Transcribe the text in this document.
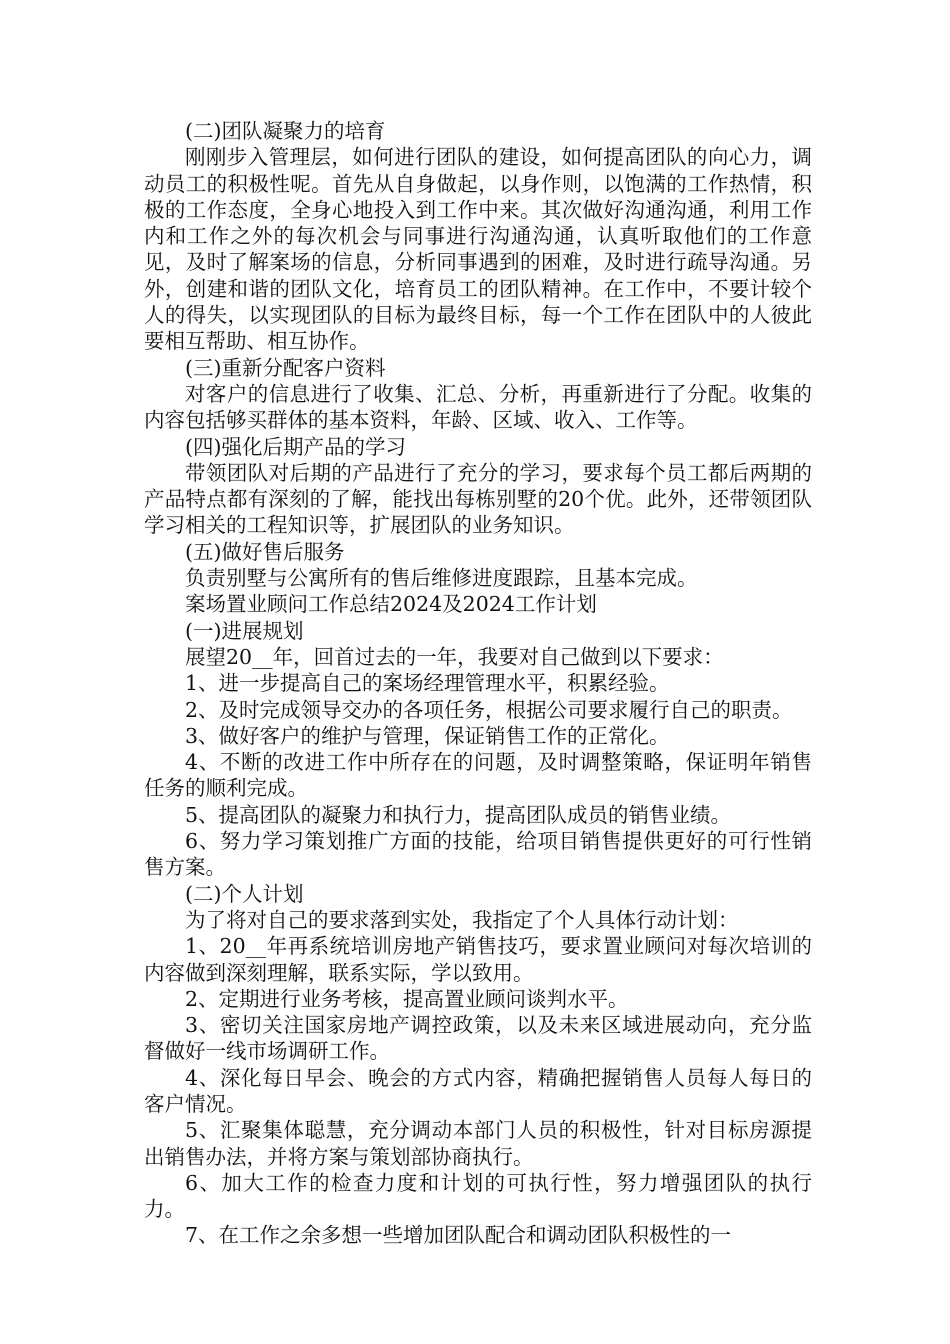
(二)团队凝聚力的培育

刚刚步入管理层，如何进行团队的建设，如何提高团队的向心力，调动员工的积极性呢。首先从自身做起，以身作则，以饱满的工作热情，积极的工作态度，全身心地投入到工作中来。其次做好沟通沟通，利用工作内和工作之外的每次机会与同事进行沟通沟通，认真听取他们的工作意见，及时了解案场的信息，分析同事遇到的困难，及时进行疏导沟通。另外，创建和谐的团队文化，培育员工的团队精神。在工作中，不要计较个人的得失，以实现团队的目标为最终目标，每一个工作在团队中的人彼此要相互帮助、相互协作。

(三)重新分配客户资料

对客户的信息进行了收集、汇总、分析，再重新进行了分配。收集的内容包括够买群体的基本资料，年龄、区域、收入、工作等。

(四)强化后期产品的学习

带领团队对后期的产品进行了充分的学习，要求每个员工都后两期的产品特点都有深刻的了解，能找出每栋别墅的20个优。此外，还带领团队学习相关的工程知识等，扩展团队的业务知识。

(五)做好售后服务

负责别墅与公寓所有的售后维修进度跟踪，且基本完成。

案场置业顾问工作总结2024及2024工作计划

(一)进展规划

展望20__年，回首过去的一年，我要对自己做到以下要求：

1、进一步提高自己的案场经理管理水平，积累经验。

2、及时完成领导交办的各项任务，根据公司要求履行自己的职责。

3、做好客户的维护与管理，保证销售工作的正常化。

4、不断的改进工作中所存在的问题，及时调整策略，保证明年销售任务的顺利完成。

5、提高团队的凝聚力和执行力，提高团队成员的销售业绩。

6、努力学习策划推广方面的技能，给项目销售提供更好的可行性销售方案。

(二)个人计划

为了将对自己的要求落到实处，我指定了个人具体行动计划：

1、20__年再系统培训房地产销售技巧，要求置业顾问对每次培训的内容做到深刻理解，联系实际，学以致用。

2、定期进行业务考核，提高置业顾问谈判水平。

3、密切关注国家房地产调控政策，以及未来区域进展动向，充分监督做好一线市场调研工作。

4、深化每日早会、晚会的方式内容，精确把握销售人员每人每日的客户情况。

5、汇聚集体聪慧，充分调动本部门人员的积极性，针对目标房源提出销售办法，并将方案与策划部协商执行。

6、加大工作的检查力度和计划的可执行性，努力增强团队的执行力。

7、在工作之余多想一些增加团队配合和调动团队积极性的一
